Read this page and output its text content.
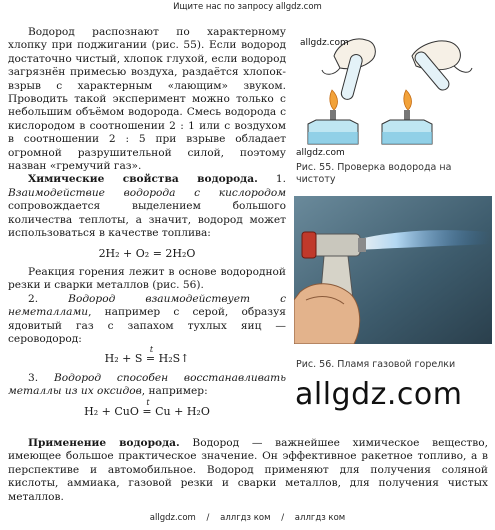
Ищите нас по запросу allgdz.com

Водород распознают по характерному хлопку при поджигании (рис. 55). Если водород достаточно чистый, хлопок глухой, если водород загрязнён примесью воздуха, раздаётся хлопок-взрыв с характерным «лающим» звуком. Проводить такой эксперимент можно только с небольшим объёмом водорода. Смесь водорода с кислородом в соотношении 2 : 1 или с воздухом в соотношении 2 : 5 при взрыве обладает огромной разрушительной силой, поэтому назван «гремучий газ».

Химические свойства водорода. 1. Взаимодействие водорода с кислородом сопровождается выделением большого количества теплоты, а значит, водород может использоваться в качестве топлива:

2H₂ + O₂ = 2H₂O

Реакция горения лежит в основе водородной резки и сварки металлов (рис. 56).

2. Водород взаимодействует с неметаллами, например с серой, образуя ядовитый газ с запахом тухлых яиц — сероводород:

H₂ + S
t
= H₂S↑

3. Водород способен восстанавливать металлы из их оксидов, например:

H₂ + CuO
t
= Cu + H₂O

Применение водорода. Водород — важнейшее химическое вещество, имеющее большое практическое значение. Он эффективное ракетное топливо, а в перспективе и автомобильное. Водород применяют для получения соляной кислоты, аммиака, газовой резки и сварки металлов, для получения чистых металлов.

allgdz.com
allgdz.com
Рис. 55. Проверка водорода на чистоту
Рис. 56. Пламя газовой горелки
allgdz.com
allgdz.com / аллгдз ком / аллгдз ком
